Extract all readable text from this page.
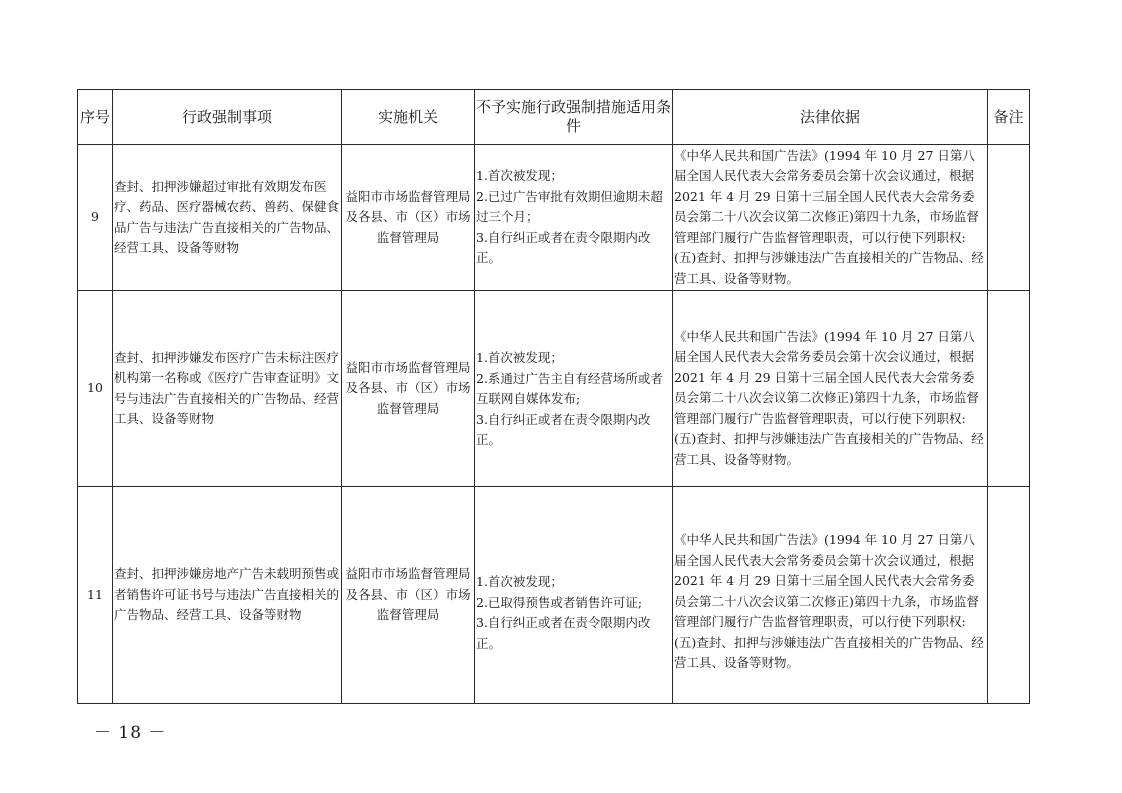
序号	行政强制事项	实施机关	不予实施行政强制措施适用条件	法律依据	备注
9	查封、扣押涉嫌超过审批有效期发布医疗、药品、医疗器械农药、兽药、保健食品广告与违法广告直接相关的广告物品、经营工具、设备等财物	益阳市市场监督管理局及各县、市（区）市场监督管理局	1.首次被发现；
2.已过广告审批有效期但逾期未超过三个月；
3.自行纠正或者在责令限期内改正。	《中华人民共和国广告法》(1994 年 10 月 27 日第八届全国人民代表大会常务委员会第十次会议通过，根据 2021 年 4 月 29 日第十三届全国人民代表大会常务委员会第二十八次会议第二次修正)第四十九条，市场监督管理部门履行广告监督管理职责，可以行使下列职权:(五)查封、扣押与涉嫌违法广告直接相关的广告物品、经营工具、设备等财物。	
10	查封、扣押涉嫌发布医疗广告未标注医疗机构第一名称或《医疗广告审查证明》文号与违法广告直接相关的广告物品、经营工具、设备等财物	益阳市市场监督管理局及各县、市（区）市场监督管理局	1.首次被发现；
2.系通过广告主自有经营场所或者互联网自媒体发布;
3.自行纠正或者在责令限期内改正。	《中华人民共和国广告法》(1994 年 10 月 27 日第八届全国人民代表大会常务委员会第十次会议通过，根据 2021 年 4 月 29 日第十三届全国人民代表大会常务委员会第二十八次会议第二次修正)第四十九条，市场监督管理部门履行广告监督管理职责，可以行使下列职权:(五)查封、扣押与涉嫌违法广告直接相关的广告物品、经营工具、设备等财物。	
11	查封、扣押涉嫌房地产广告未载明预售或者销售许可证书号与违法广告直接相关的广告物品、经营工具、设备等财物	益阳市市场监督管理局及各县、市（区）市场监督管理局	1.首次被发现；
2.已取得预售或者销售许可证;
3.自行纠正或者在责令限期内改正。	《中华人民共和国广告法》(1994 年 10 月 27 日第八届全国人民代表大会常务委员会第十次会议通过，根据 2021 年 4 月 29 日第十三届全国人民代表大会常务委员会第二十八次会议第二次修正)第四十九条，市场监督管理部门履行广告监督管理职责，可以行使下列职权:(五)查封、扣押与涉嫌违法广告直接相关的广告物品、经营工具、设备等财物。	
－ 18 －
